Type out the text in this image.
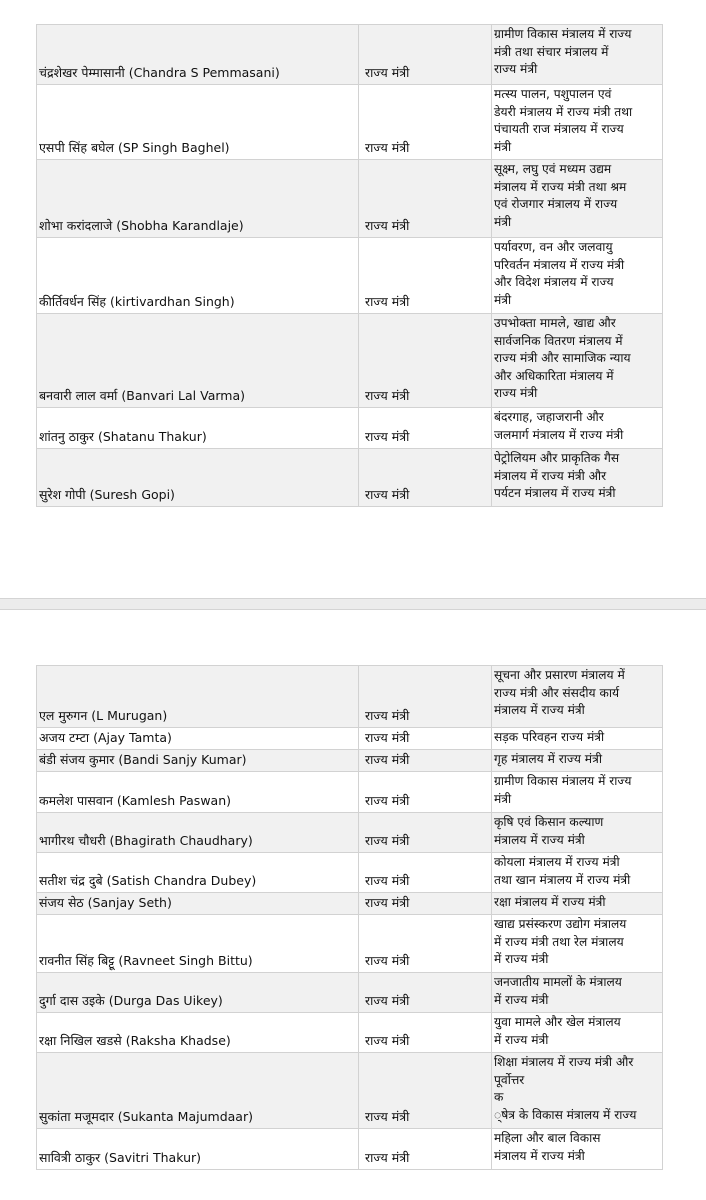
चंद्रशेखर पेम्मासानी (Chandra S Pemmasani)	राज्य मंत्री	ग्रामीण विकास मंत्रालय में राज्य
मंत्री तथा संचार मंत्रालय में
राज्य मंत्री
एसपी सिंह बघेल (SP Singh Baghel)	राज्य मंत्री	मत्स्य पालन, पशुपालन एवं
डेयरी मंत्रालय में राज्य मंत्री तथा
पंचायती राज मंत्रालय में राज्य
मंत्री
शोभा करांदलाजे (Shobha Karandlaje)	राज्य मंत्री	सूक्ष्म, लघु एवं मध्यम उद्यम
मंत्रालय में राज्य मंत्री तथा श्रम
एवं रोजगार मंत्रालय में राज्य
मंत्री
कीर्तिवर्धन सिंह (kirtivardhan Singh)	राज्य मंत्री	पर्यावरण, वन और जलवायु
परिवर्तन मंत्रालय में राज्य मंत्री
और विदेश मंत्रालय में राज्य
मंत्री
बनवारी लाल वर्मा (Banvari Lal Varma)	राज्य मंत्री	उपभोक्ता मामले, खाद्य और
सार्वजनिक वितरण मंत्रालय में
राज्य मंत्री और सामाजिक न्याय
और अधिकारिता मंत्रालय में
राज्य मंत्री
शांतनु ठाकुर (Shatanu Thakur)	राज्य मंत्री	बंदरगाह, जहाजरानी और
जलमार्ग मंत्रालय में राज्य मंत्री
सुरेश गोपी (Suresh Gopi)	राज्य मंत्री	पेट्रोलियम और प्राकृतिक गैस
मंत्रालय में राज्य मंत्री और
पर्यटन मंत्रालय में राज्य मंत्री
एल मुरुगन (L Murugan)	राज्य मंत्री	सूचना और प्रसारण मंत्रालय में
राज्य मंत्री और संसदीय कार्य
मंत्रालय में राज्य मंत्री
अजय टम्टा (Ajay Tamta)	राज्य मंत्री	सड़क परिवहन राज्य मंत्री
बंडी संजय कुमार (Bandi Sanjy Kumar)	राज्य मंत्री	गृह मंत्रालय में राज्य मंत्री
कमलेश पासवान (Kamlesh Paswan)	राज्य मंत्री	ग्रामीण विकास मंत्रालय में राज्य
मंत्री
भागीरथ चौधरी (Bhagirath Chaudhary)	राज्य मंत्री	कृषि एवं किसान कल्याण
मंत्रालय में राज्य मंत्री
सतीश चंद्र दुबे (Satish Chandra Dubey)	राज्य मंत्री	कोयला मंत्रालय में राज्य मंत्री
तथा खान मंत्रालय में राज्य मंत्री
संजय सेठ (Sanjay Seth)	राज्य मंत्री	रक्षा मंत्रालय में राज्य मंत्री
रावनीत सिंह बिट्टू (Ravneet Singh Bittu)	राज्य मंत्री	खाद्य प्रसंस्करण उद्योग मंत्रालय
में राज्य मंत्री तथा रेल मंत्रालय
में राज्य मंत्री
दुर्गा दास उइके (Durga Das Uikey)	राज्य मंत्री	जनजातीय मामलों के मंत्रालय
में राज्य मंत्री
रक्षा निखिल खडसे (Raksha Khadse)	राज्य मंत्री	युवा मामले और खेल मंत्रालय
में राज्य मंत्री
सुकांता मजूमदार (Sukanta Majumdaar)	राज्य मंत्री	शिक्षा मंत्रालय में राज्य मंत्री और
पूर्वोत्तर
क
्षेत्र के विकास मंत्रालय में राज्य
सावित्री ठाकुर (Savitri Thakur)	राज्य मंत्री	महिला और बाल विकास
मंत्रालय में राज्य मंत्री
